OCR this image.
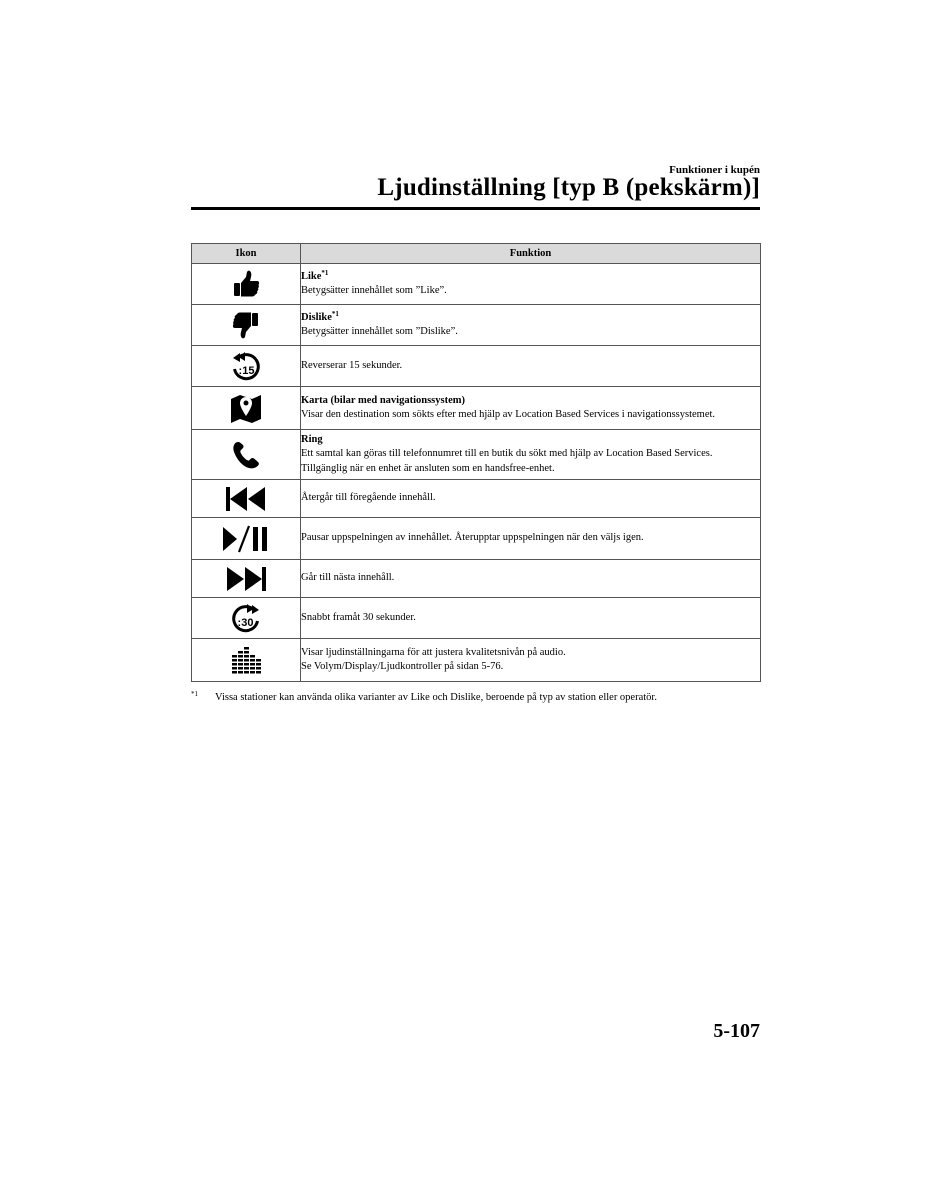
Funktioner i kupén
Ljudinställning [typ B (pekskärm)]
Ikon	Funktion

Like$^{*1}$
Betygsätter innehållet som ”Like”.

Dislike$^{*1}$
Betygsätter innehållet som ”Dislike”.

:15	Reverserar 15 sekunder.

Karta (bilar med navigationssystem)
Visar den destination som sökts efter med hjälp av Location Based Services i navigationssystemet.

Ring
Ett samtal kan göras till telefonnumret till en butik du sökt med hjälp av Location Based Services.
Tillgänglig när en enhet är ansluten som en handsfree-enhet.

Återgår till föregående innehåll.

Pausar uppspelningen av innehållet. Återupptar uppspelningen när den väljs igen.

Går till nästa innehåll.

:30	Snabbt framåt 30 sekunder.

Visar ljudinställningarna för att justera kvalitetsnivån på audio.
Se Volym/Display/Ljudkontroller på sidan 5-76.
$^{*1}$ Vissa stationer kan använda olika varianter av Like och Dislike, beroende på typ av station eller operatör.
5-107
